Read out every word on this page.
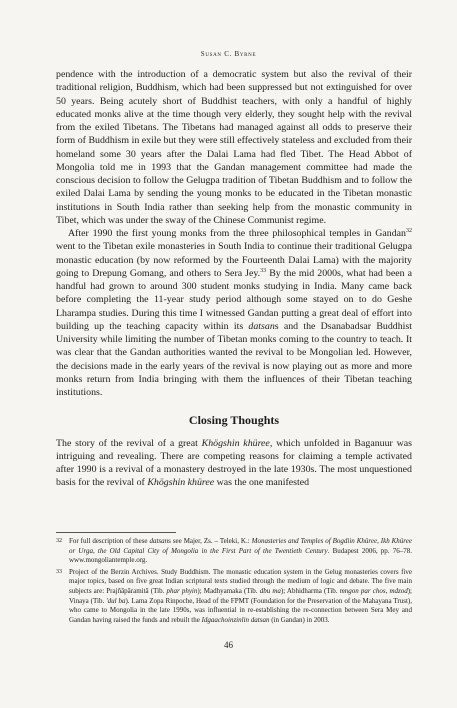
Susan C. Byrne

pendence with the introduction of a democratic system but also the revival of their traditional religion, Buddhism, which had been suppressed but not extinguished for over 50 years. Being acutely short of Buddhist teachers, with only a handful of highly educated monks alive at the time though very elderly, they sought help with the revival from the exiled Tibetans. The Tibetans had managed against all odds to preserve their form of Buddhism in exile but they were still effectively stateless and excluded from their homeland some 30 years after the Dalai Lama had fled Tibet. The Head Abbot of Mongolia told me in 1993 that the Gandan management committee had made the conscious decision to follow the Gelugpa tradition of Tibetan Buddhism and to follow the exiled Dalai Lama by sending the young monks to be educated in the Tibetan monastic institutions in South India rather than seeking help from the monastic community in Tibet, which was under the sway of the Chinese Communist regime.

After 1990 the first young monks from the three philosophical temples in Gandan$^{32}$ went to the Tibetan exile monasteries in South India to continue their traditional Gelugpa monastic education (by now reformed by the Fourteenth Dalai Lama) with the majority going to Drepung Gomang, and others to Sera Jey.$^{33}$ By the mid 2000s, what had been a handful had grown to around 300 student monks studying in India. Many came back before completing the 11-year study period although some stayed on to do Geshe Lharampa studies. During this time I witnessed Gandan putting a great deal of effort into building up the teaching capacity within its datsans and the Dsanabadsar Buddhist University while limiting the number of Tibetan monks coming to the country to teach. It was clear that the Gandan authorities wanted the revival to be Mongolian led. However, the decisions made in the early years of the revival is now playing out as more and more monks return from India bringing with them the influences of their Tibetan teaching institutions.

Closing Thoughts

The story of the revival of a great Khögshin khüree, which unfolded in Baganuur was intriguing and revealing. There are competing reasons for claiming a temple activated after 1990 is a revival of a monastery destroyed in the late 1930s. The most unquestioned basis for the revival of Khögshin khüree was the one manifested

32 For full description of these datsans see Majer, Zs. – Teleki, K.: Monasteries and Temples of Bogdiin Khüree, Ikh Khüree or Urga, the Old Capital City of Mongolia in the First Part of the Twentieth Century. Budapest 2006, pp. 76–78. www.mongoliantemple.org.
33 Project of the Berzin Archives. Study Buddhism. The monastic education system in the Gelug monasteries covers five major topics, based on five great Indian scriptural texts studied through the medium of logic and debate. The five main subjects are: Prajñāpāramitā (Tib. phar phyin); Madhyamaka (Tib. dbu ma); Abhidharma (Tib. mngon par chos, mdzod); Vinaya (Tib. 'dul ba). Lama Zopa Rinpoche, Head of the FPMT (Foundation for the Preservation of the Mahayana Trust), who came to Mongolia in the late 1990s, was influential in re-establishing the re-connection between Sera Mey and Gandan having raised the funds and rebuilt the Idgaachoinzinlin datsan (in Gandan) in 2003.
46
